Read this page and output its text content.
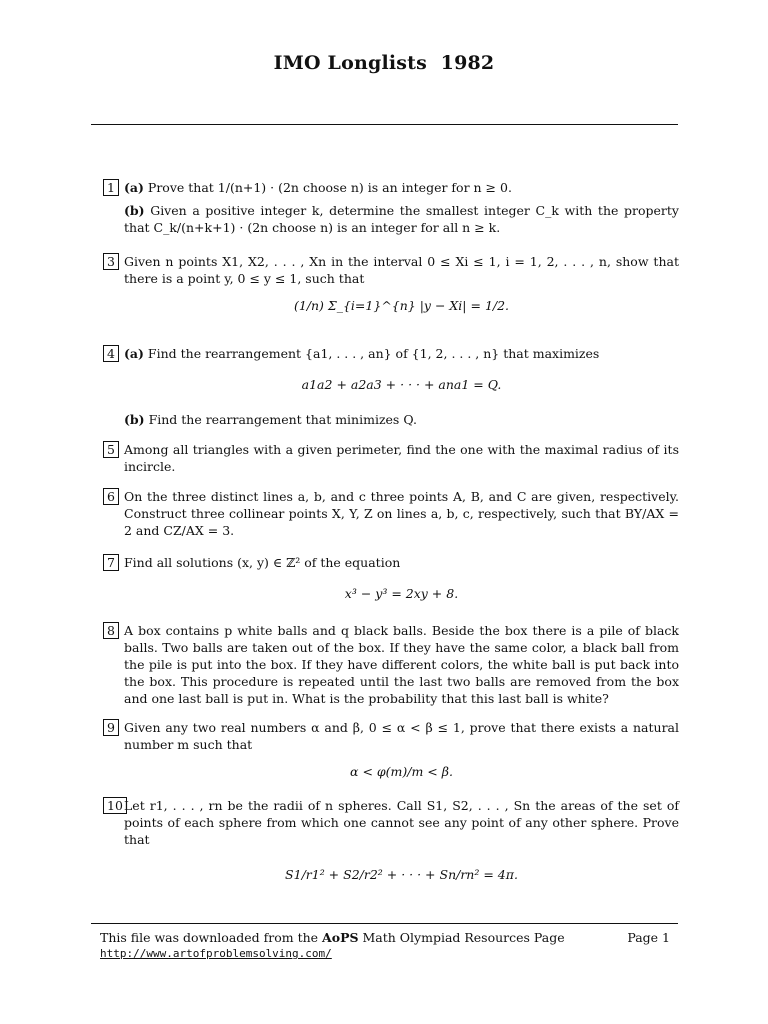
IMO Longlists  1982
1 (a) Prove that 1/(n+1) · (2n choose n) is an integer for n ≥ 0.
(b) Given a positive integer k, determine the smallest integer C_k with the property that C_k/(n+k+1) · (2n choose n) is an integer for all n ≥ k.
3 Given n points X1, X2, . . . , Xn in the interval 0 ≤ Xi ≤ 1, i = 1, 2, . . . , n, show that there is a point y, 0 ≤ y ≤ 1, such that
(1/n) Σ_{i=1}^{n} |y − Xi| = 1/2.
4 (a) Find the rearrangement {a1, . . . , an} of {1, 2, . . . , n} that maximizes
a1a2 + a2a3 + · · · + ana1 = Q.
(b) Find the rearrangement that minimizes Q.
5 Among all triangles with a given perimeter, find the one with the maximal radius of its incircle.
6 On the three distinct lines a, b, and c three points A, B, and C are given, respectively. Construct three collinear points X, Y, Z on lines a, b, c, respectively, such that BY/AX = 2 and CZ/AX = 3.
7 Find all solutions (x, y) ∈ ℤ² of the equation
x³ − y³ = 2xy + 8.
8 A box contains p white balls and q black balls. Beside the box there is a pile of black balls. Two balls are taken out of the box. If they have the same color, a black ball from the pile is put into the box. If they have different colors, the white ball is put back into the box. This procedure is repeated until the last two balls are removed from the box and one last ball is put in. What is the probability that this last ball is white?
9 Given any two real numbers α and β, 0 ≤ α < β ≤ 1, prove that there exists a natural number m such that
α < φ(m)/m < β.
10 Let r1, . . . , rn be the radii of n spheres. Call S1, S2, . . . , Sn the areas of the set of points of each sphere from which one cannot see any point of any other sphere. Prove that
S1/r1² + S2/r2² + · · · + Sn/rn² = 4π.
This file was downloaded from the AoPS Math Olympiad Resources Page	Page 1
http://www.artofproblemsolving.com/
